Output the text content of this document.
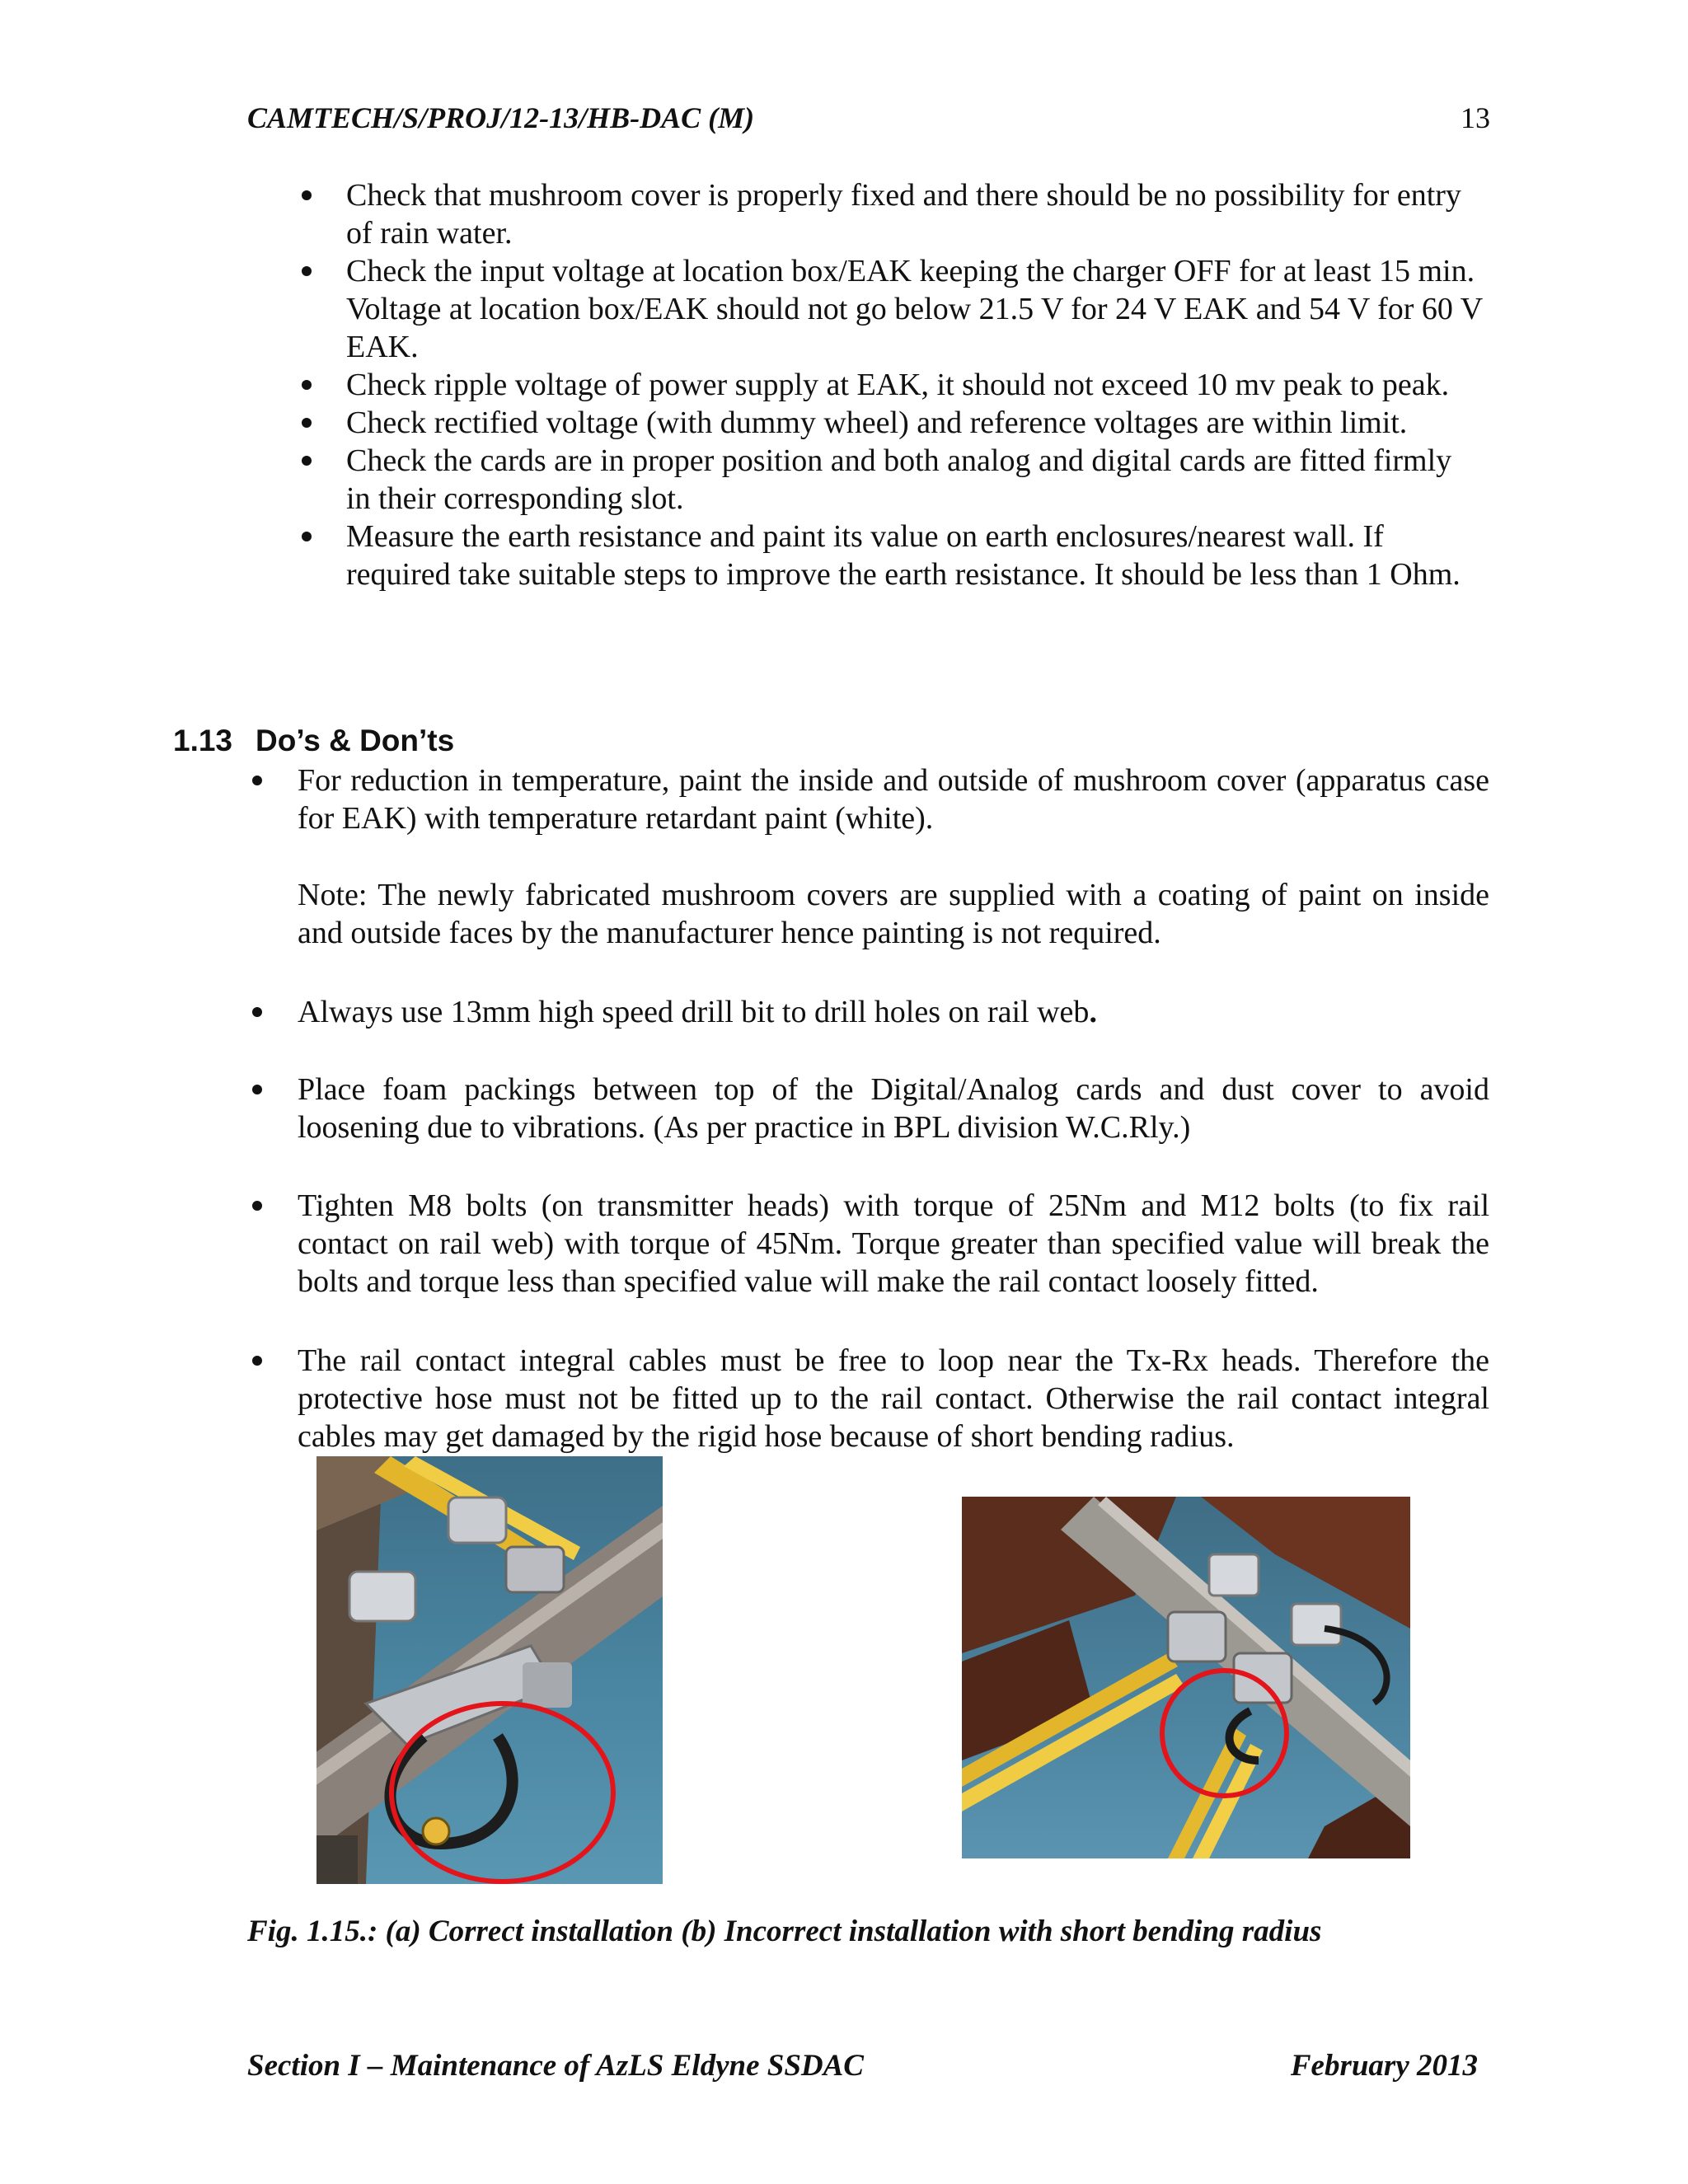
CAMTECH/S/PROJ/12-13/HB-DAC (M)	13
Check that mushroom cover is properly fixed and there should be no possibility for entry of rain water.
Check the input voltage at location box/EAK keeping the charger OFF for at least 15 min. Voltage at location box/EAK should not go below 21.5 V for 24 V EAK and 54 V for 60 V EAK.
Check ripple voltage of power supply at EAK, it should not exceed 10 mv peak to peak.
Check rectified voltage (with dummy wheel) and reference voltages are within limit.
Check the cards are in proper position and both analog and digital cards are fitted firmly in their corresponding slot.
Measure the earth resistance and paint its value on earth enclosures/nearest wall. If required take suitable steps to improve the earth resistance. It should be less than 1 Ohm.
1.13 Do’s & Don’ts
For reduction in temperature, paint the inside and outside of mushroom cover (apparatus case for EAK) with temperature retardant paint (white).
Note: The newly fabricated mushroom covers are supplied with a coating of paint on inside and outside faces by the manufacturer hence painting is not required.
Always use 13mm high speed drill bit to drill holes on rail web.
Place foam packings between top of the Digital/Analog cards and dust cover to avoid loosening due to vibrations. (As per practice in BPL division W.C.Rly.)
Tighten M8 bolts (on transmitter heads) with torque of 25Nm and M12 bolts (to fix rail contact on rail web) with torque of 45Nm. Torque greater than specified value will break the bolts and torque less than specified value will make the rail contact loosely fitted.
The rail contact integral cables must be free to loop near the Tx-Rx heads. Therefore the protective hose must not be fitted up to the rail contact. Otherwise the rail contact integral cables may get damaged by the rigid hose because of short bending radius.
Fig. 1.15.: (a) Correct installation (b) Incorrect installation with short bending radius
Section I – Maintenance of AzLS Eldyne SSDAC	February 2013
